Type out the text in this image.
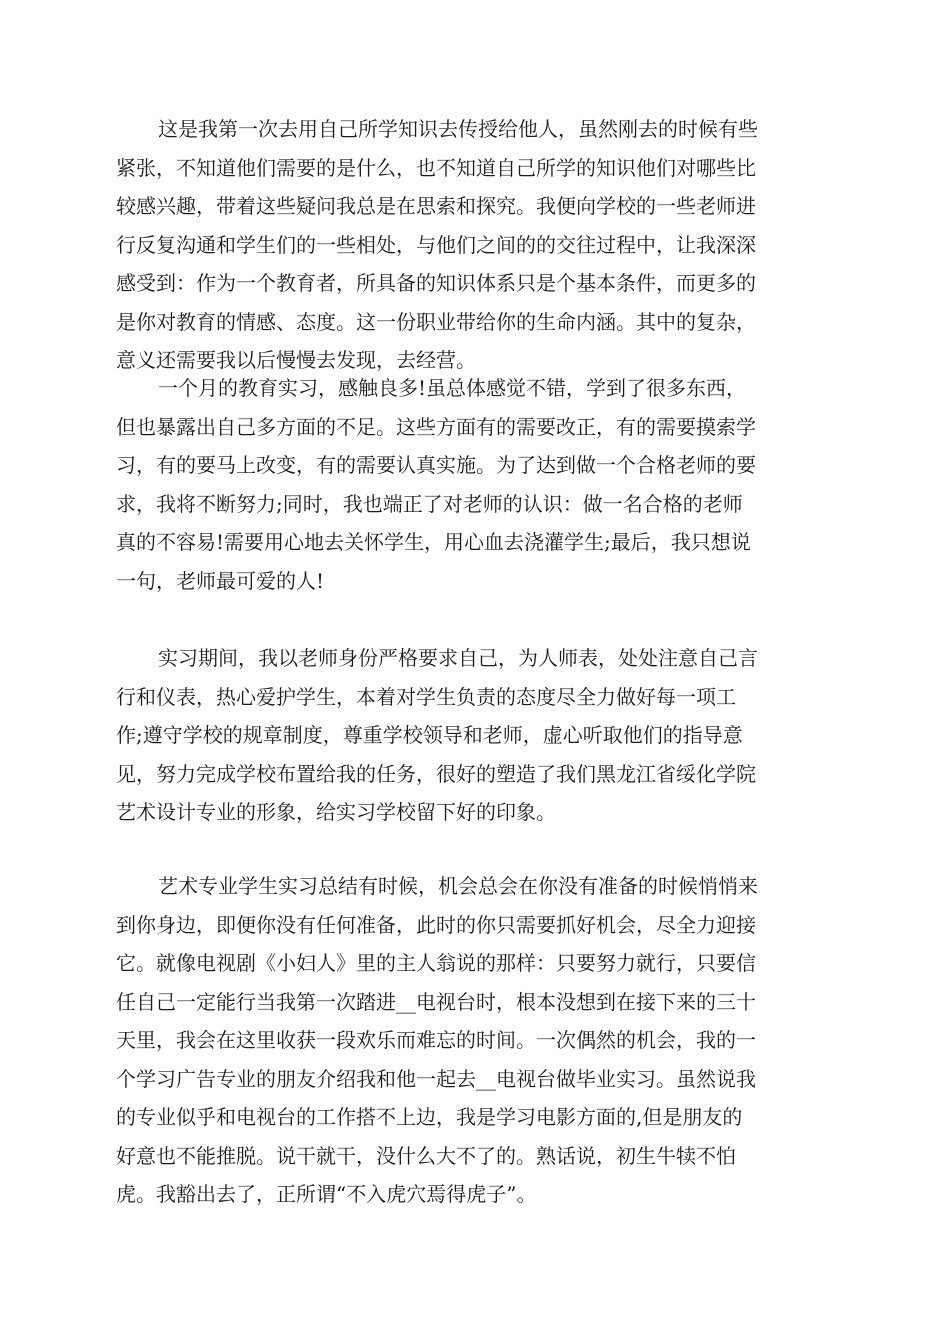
这是我第一次去用自己所学知识去传授给他人，虽然刚去的时候有些
紧张，不知道他们需要的是什么，也不知道自己所学的知识他们对哪些比
较感兴趣，带着这些疑问我总是在思索和探究。我便向学校的一些老师进
行反复沟通和学生们的一些相处，与他们之间的的交往过程中，让我深深
感受到：作为一个教育者，所具备的知识体系只是个基本条件，而更多的
是你对教育的情感、态度。这一份职业带给你的生命内涵。其中的复杂，
意义还需要我以后慢慢去发现，去经营。
一个月的教育实习，感触良多!虽总体感觉不错，学到了很多东西，
但也暴露出自己多方面的不足。这些方面有的需要改正，有的需要摸索学
习，有的要马上改变，有的需要认真实施。为了达到做一个合格老师的要
求，我将不断努力;同时，我也端正了对老师的认识：做一名合格的老师
真的不容易!需要用心地去关怀学生，用心血去浇灌学生;最后，我只想说
一句，老师最可爱的人!
实习期间，我以老师身份严格要求自己，为人师表，处处注意自己言
行和仪表，热心爱护学生，本着对学生负责的态度尽全力做好每一项工
作;遵守学校的规章制度，尊重学校领导和老师，虚心听取他们的指导意
见，努力完成学校布置给我的任务，很好的塑造了我们黑龙江省绥化学院
艺术设计专业的形象，给实习学校留下好的印象。
艺术专业学生实习总结有时候，机会总会在你没有准备的时候悄悄来
到你身边，即便你没有任何准备，此时的你只需要抓好机会，尽全力迎接
它。就像电视剧《小妇人》里的主人翁说的那样：只要努力就行，只要信
任自己一定能行当我第一次踏进__电视台时，根本没想到在接下来的三十
天里，我会在这里收获一段欢乐而难忘的时间。一次偶然的机会，我的一
个学习广告专业的朋友介绍我和他一起去__电视台做毕业实习。虽然说我
的专业似乎和电视台的工作搭不上边，我是学习电影方面的,但是朋友的
好意也不能推脱。说干就干，没什么大不了的。熟话说，初生牛犊不怕
虎。我豁出去了，正所谓“不入虎穴焉得虎子”。
